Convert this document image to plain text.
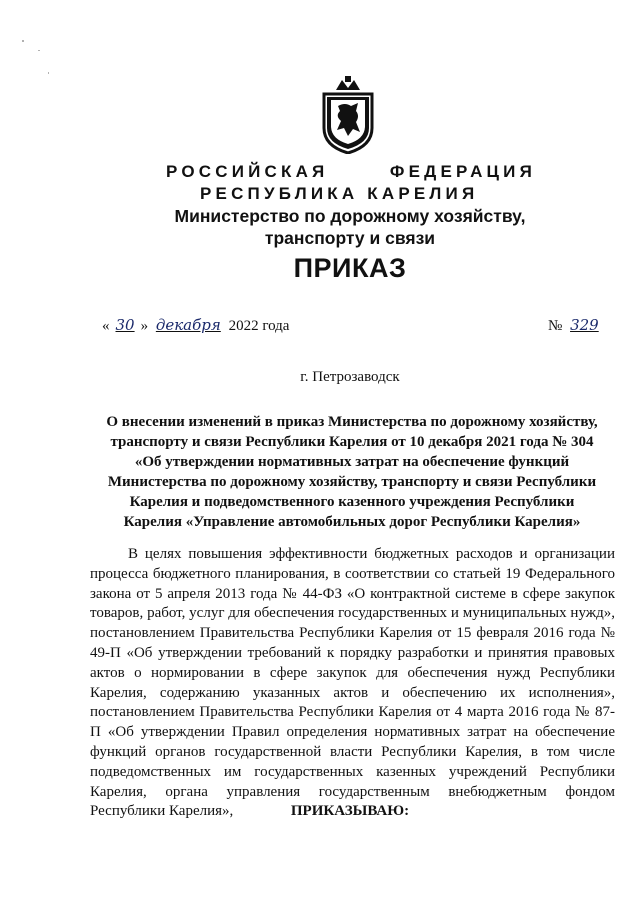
РОССИЙСКАЯ	ФЕДЕРАЦИЯ
РЕСПУБЛИКА КАРЕЛИЯ
Министерство по дорожному хозяйству,
транспорту и связи
ПРИКАЗ
« 30 » декабря 2022 года	№ 329
г. Петрозаводск
О внесении изменений в приказ Министерства по дорожному хозяйству,
транспорту и связи Республики Карелия от 10 декабря 2021 года № 304
«Об утверждении нормативных затрат на обеспечение функций
Министерства по дорожному хозяйству, транспорту и связи Республики
Карелия и подведомственного казенного учреждения Республики
Карелия «Управление автомобильных дорог Республики Карелия»

В целях повышения эффективности бюджетных расходов и организации процесса бюджетного планирования, в соответствии со статьей 19 Федерального закона от 5 апреля 2013 года № 44-ФЗ «О контрактной системе в сфере закупок товаров, работ, услуг для обеспечения государственных и муниципальных нужд», постановлением Правительства Республики Карелия от 15 февраля 2016 года № 49-П «Об утверждении требований к порядку разработки и принятия правовых актов о нормировании в сфере закупок для обеспечения нужд Республики Карелия, содержанию указанных актов и обеспечению их исполнения», постановлением Правительства Республики Карелия от 4 марта 2016 года № 87-П «Об утверждении Правил определения нормативных затрат на обеспечение функций органов государственной власти Республики Карелия, в том числе подведомственных им государственных казенных учреждений Республики Карелия, органа управления государственным внебюджетным фондом Республики Карелия»,	ПРИКАЗЫВАЮ:
